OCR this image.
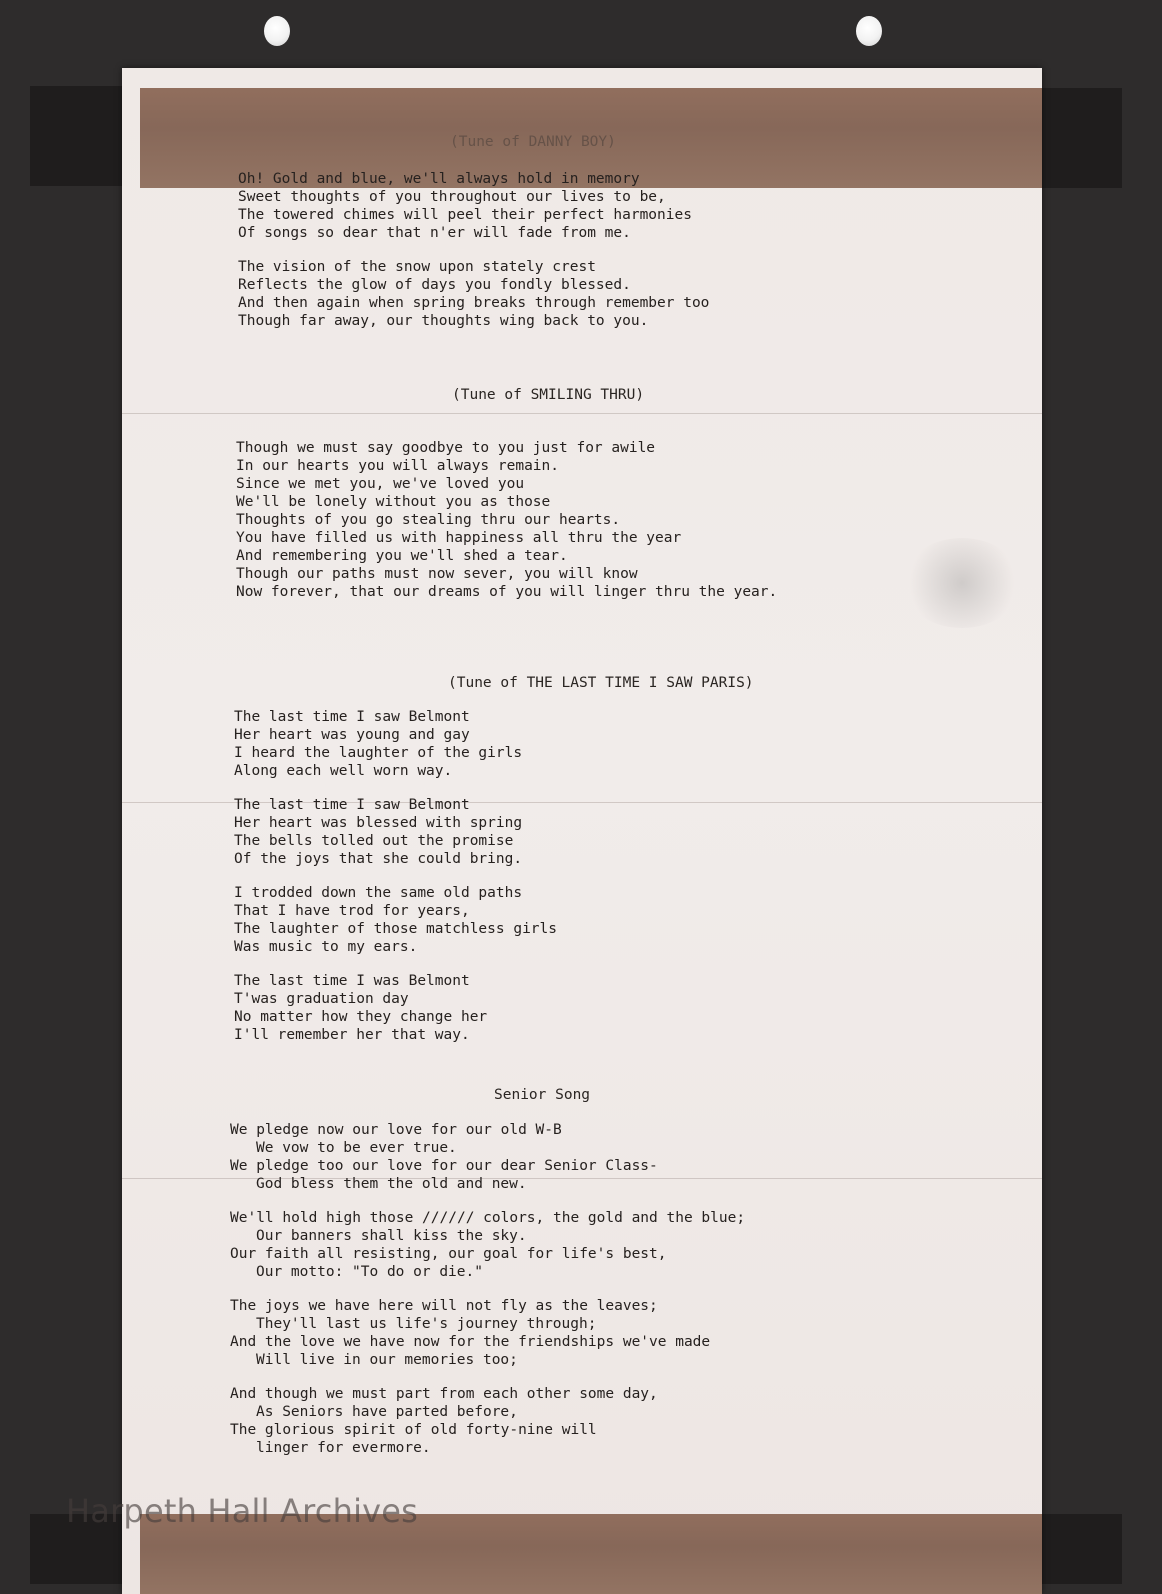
(Tune of DANNY BOY)
Oh! Gold and blue, we'll always hold in memory
Sweet thoughts of you throughout our lives to be,
The towered chimes will peel their perfect harmonies
Of songs so dear that n'er will fade from me.
The vision of the snow upon stately crest
Reflects the glow of days you fondly blessed.
And then again when spring breaks through remember too
Though far away, our thoughts wing back to you.
(Tune of SMILING THRU)
Though we must say goodbye to you just for awile
In our hearts you will always remain.
Since we met you, we've loved you
We'll be lonely without you as those
Thoughts of you go stealing thru our hearts.
You have filled us with happiness all thru the year
And remembering you we'll shed a tear.
Though our paths must now sever, you will know
Now forever, that our dreams of you will linger thru the year.
(Tune of THE LAST TIME I SAW PARIS)
The last time I saw Belmont
Her heart was young and gay
I heard the laughter of the girls
Along each well worn way.
The last time I saw Belmont
Her heart was blessed with spring
The bells tolled out the promise
Of the joys that she could bring.
I trodded down the same old paths
That I have trod for years,
The laughter of those matchless girls
Was music to my ears.
The last time I was Belmont
T'was graduation day
No matter how they change her
I'll remember her that way.
Senior Song
We pledge now our love for our old W-B
We vow to be ever true.
We pledge too our love for our dear Senior Class-
God bless them the old and new.
We'll hold high those ////// colors, the gold and the blue;
Our banners shall kiss the sky.
Our faith all resisting, our goal for life's best,
Our motto: "To do or die."
The joys we have here will not fly as the leaves;
They'll last us life's journey through;
And the love we have now for the friendships we've made
Will live in our memories too;
And though we must part from each other some day,
As Seniors have parted before,
The glorious spirit of old forty-nine will
linger for evermore.
Harpeth Hall Archives
